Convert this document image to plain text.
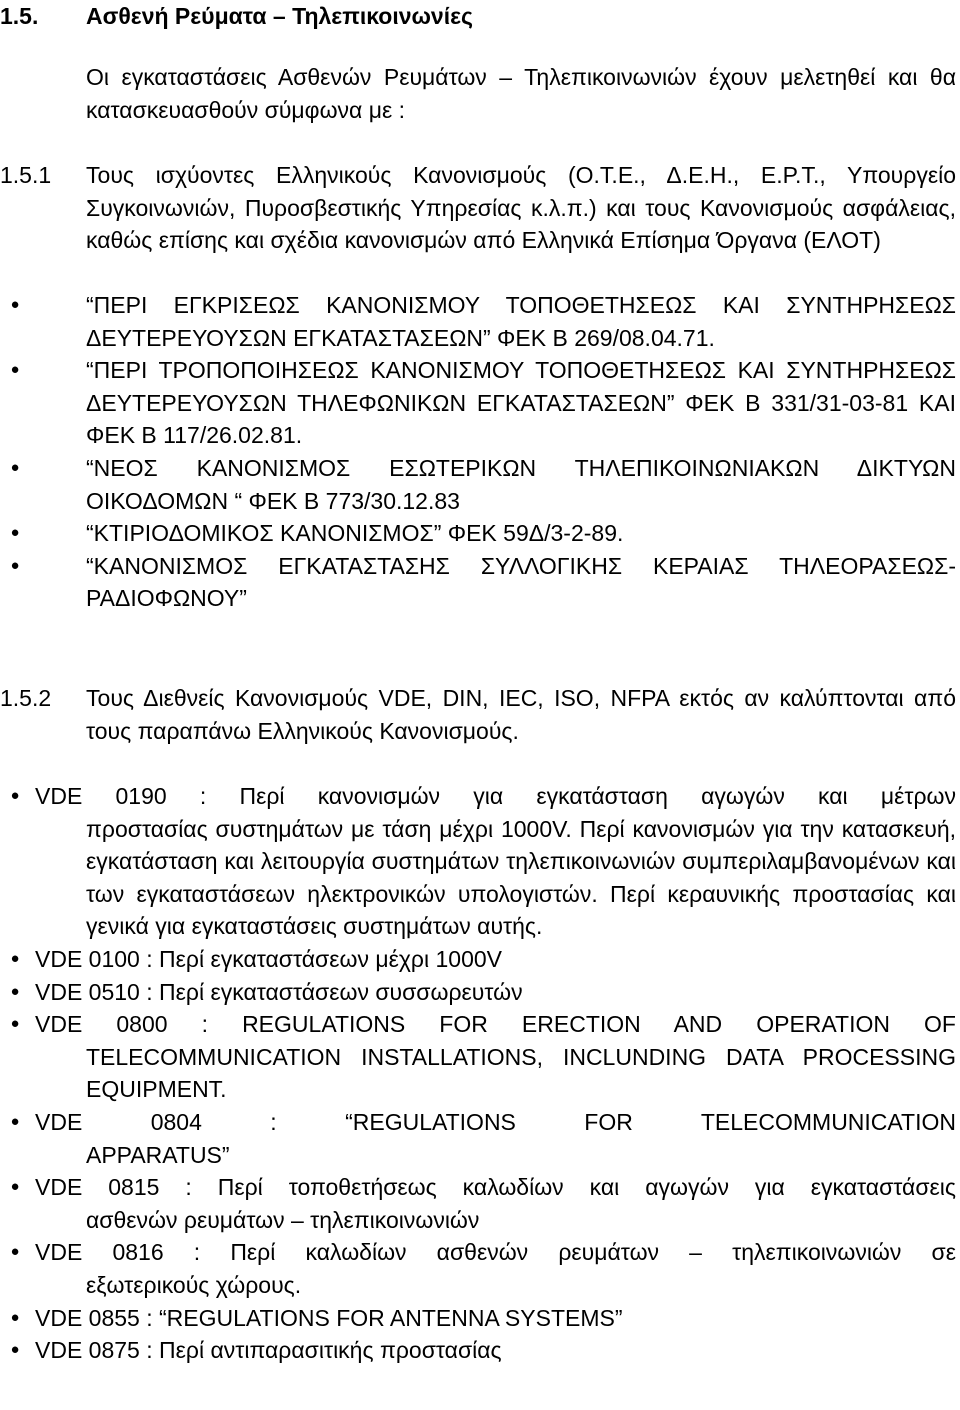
1.5. Ασθενή Ρεύματα – Τηλεπικοινωνίες
Οι εγκαταστάσεις Ασθενών Ρευμάτων – Τηλεπικοινωνιών έχουν μελετηθεί και θα κατασκευασθούν σύμφωνα με :
1.5.1 Τους ισχύοντες Ελληνικούς Κανονισμούς (Ο.Τ.Ε., Δ.Ε.Η., Ε.Ρ.Τ., Υπουργείο Συγκοινωνιών, Πυροσβεστικής Υπηρεσίας κ.λ.π.) και τους Κανονισμούς ασφάλειας, καθώς επίσης και σχέδια κανονισμών από Ελληνικά Επίσημα Όργανα (ΕΛΟΤ)
●	“ΠΕΡΙ ΕΓΚΡΙΣΕΩΣ ΚΑΝΟΝΙΣΜΟΥ ΤΟΠΟΘΕΤΗΣΕΩΣ ΚΑΙ ΣΥΝΤΗΡΗΣΕΩΣ ΔΕΥΤΕΡΕΥΟΥΣΩΝ ΕΓΚΑΤΑΣΤΑΣΕΩΝ” ΦΕΚ Β 269/08.04.71.
●	“ΠΕΡΙ ΤΡΟΠΟΠΟΙΗΣΕΩΣ ΚΑΝΟΝΙΣΜΟΥ ΤΟΠΟΘΕΤΗΣΕΩΣ ΚΑΙ ΣΥΝΤΗΡΗΣΕΩΣ ΔΕΥΤΕΡΕΥΟΥΣΩΝ ΤΗΛΕΦΩΝΙΚΩΝ ΕΓΚΑΤΑΣΤΑΣΕΩΝ” ΦΕΚ Β 331/31-03-81 ΚΑΙ ΦΕΚ Β 117/26.02.81.
●	“ΝΕΟΣ ΚΑΝΟΝΙΣΜΟΣ ΕΣΩΤΕΡΙΚΩΝ ΤΗΛΕΠΙΚΟΙΝΩΝΙΑΚΩΝ ΔΙΚΤΥΩΝ ΟΙΚΟΔΟΜΩΝ “ ΦΕΚ Β 773/30.12.83
●	“ΚΤΙΡΙΟΔΟΜΙΚΟΣ ΚΑΝΟΝΙΣΜΟΣ” ΦΕΚ 59Δ/3-2-89.
●	“ΚΑΝΟΝΙΣΜΟΣ ΕΓΚΑΤΑΣΤΑΣΗΣ ΣΥΛΛΟΓΙΚΗΣ ΚΕΡΑΙΑΣ ΤΗΛΕΟΡΑΣΕΩΣ-ΡΑΔΙΟΦΩΝΟΥ”
1.5.2 Τους Διεθνείς Κανονισμούς VDE, DIN, IEC, ISO, NFPA εκτός αν καλύπτονται από τους παραπάνω Ελληνικούς Κανονισμούς.
● VDE 0190 : Περί κανονισμών για εγκατάσταση αγωγών και μέτρων
προστασίας συστημάτων με τάση μέχρι 1000V. Περί κανονισμών για την κατασκευή, εγκατάσταση και λειτουργία συστημάτων τηλεπικοινωνιών συμπεριλαμβανομένων και των εγκαταστάσεων ηλεκτρονικών υπολογιστών. Περί κεραυνικής προστασίας και γενικά για εγκαταστάσεις συστημάτων αυτής.
● VDE 0100 : Περί εγκαταστάσεων μέχρι 1000V
● VDE 0510 : Περί εγκαταστάσεων συσσωρευτών
● VDE 0800 : REGULATIONS FOR ERECTION AND OPERATION OF
TELECOMMUNICATION INSTALLATIONS, INCLUNDING DATA PROCESSING EQUIPMENT.
● VDE 0804 : “REGULATIONS FOR TELECOMMUNICATION
APPARATUS”
● VDE 0815 : Περί τοποθετήσεως καλωδίων και αγωγών για εγκαταστάσεις
ασθενών ρευμάτων – τηλεπικοινωνιών
● VDE 0816 : Περί καλωδίων ασθενών ρευμάτων – τηλεπικοινωνιών σε
εξωτερικούς χώρους.
● VDE 0855 : “REGULATIONS FOR ANTENNA SYSTEMS”
● VDE 0875 : Περί αντιπαρασιτικής προστασίας
